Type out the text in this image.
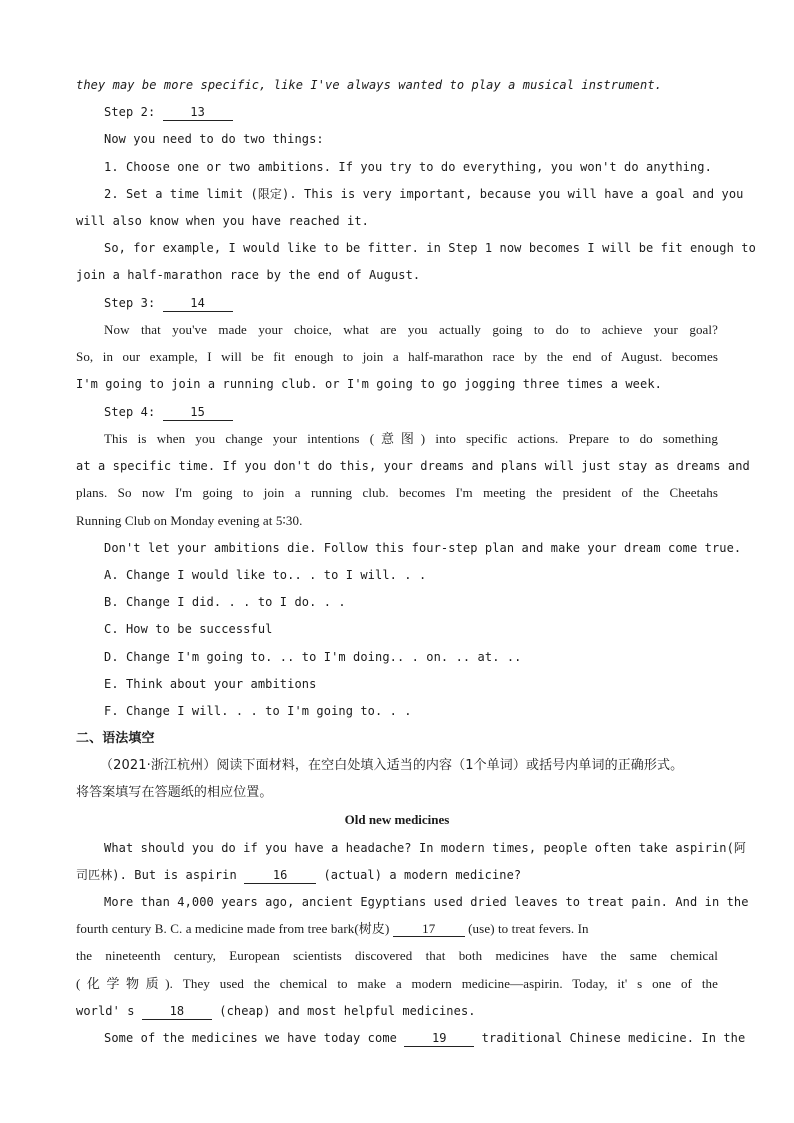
they may be more specific, like I've always wanted to play a musical instrument.
Step 2: 13
Now you need to do two things:
1. Choose one or two ambitions. If you try to do everything, you won't do anything.
2. Set a time limit (限定). This is very important, because you will have a goal and you
will also know when you have reached it.
So, for example, I would like to be fitter. in Step 1 now becomes I will be fit enough to
join a half-marathon race by the end of August.
Step 3: 14
Now that you've made your choice, what are you actually going to do to achieve your goal?
So, in our example, I will be fit enough to join a half-marathon race by the end of August. becomes
I'm going to join a running club. or I'm going to go jogging three times a week.
Step 4: 15
This is when you change your intentions (意图) into specific actions. Prepare to do something
at a specific time. If you don't do this, your dreams and plans will just stay as dreams and
plans. So now I'm going to join a running club. becomes I'm meeting the president of the Cheetahs
Running Club on Monday evening at 5∶30.
Don't let your ambitions die. Follow this four-step plan and make your dream come true.
A. Change I would like to.. . to I will. . .
B. Change I did. . . to I do. . .
C. How to be successful
D. Change I'm going to. .. to I'm doing.. . on. .. at. ..
E. Think about your ambitions
F. Change I will. . . to I'm going to. . .
二、语法填空
（2021·浙江杭州）阅读下面材料，在空白处填入适当的内容（1个单词）或括号内单词的正确形式。
将答案填写在答题纸的相应位置。
Old new medicines
What should you do if you have a headache? In modern times, people often take aspirin(阿
司匹林). But is aspirin 16 (actual) a modern medicine?
More than 4,000 years ago, ancient Egyptians used dried leaves to treat pain. And in the
fourth century B. C. a medicine made from tree bark(树皮) 17 (use) to treat fevers. In
the nineteenth century, European scientists discovered that both medicines have the same chemical
(化学物质). They used the chemical to make a modern medicine—aspirin. Today, it' s one of the
world' s 18 (cheap) and most helpful medicines.
Some of the medicines we have today come 19 traditional Chinese medicine. In the
